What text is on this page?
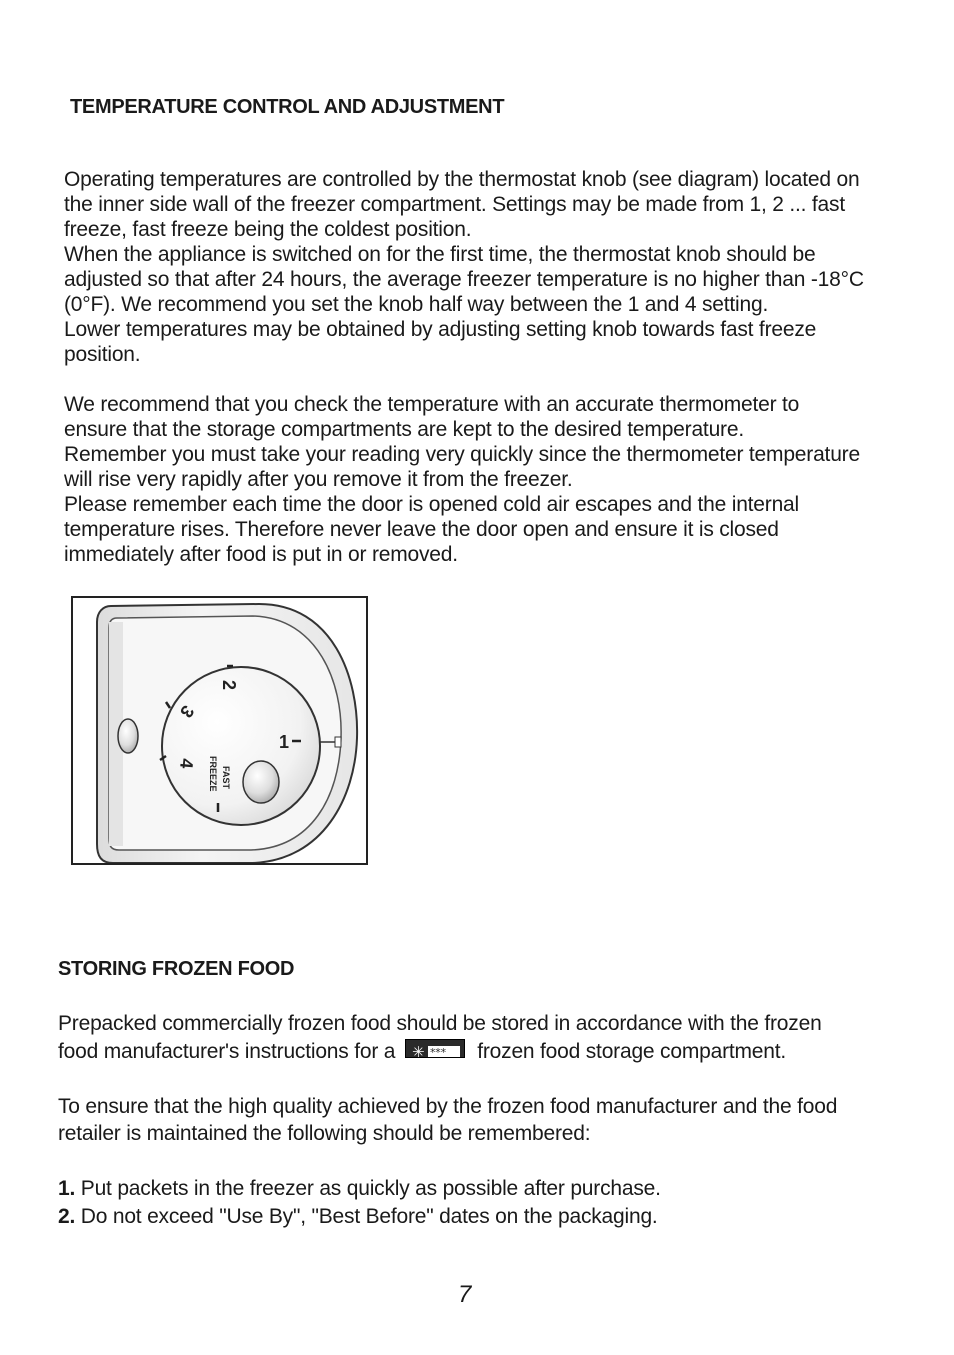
TEMPERATURE CONTROL AND ADJUSTMENT

Operating temperatures are controlled by the thermostat knob (see diagram) located on the inner side wall of the freezer compartment. Settings may be made from 1, 2 ... fast freeze, fast freeze being the coldest position.

When the appliance is switched on for the first time, the thermostat knob should be adjusted so that after 24 hours, the average freezer temperature is no higher than -18°C (0°F). We recommend you set the knob half way between the 1 and 4 setting.

Lower temperatures may be obtained by adjusting setting knob towards fast freeze position.

We recommend that you check the temperature with an accurate thermometer to ensure that the storage compartments are kept to the desired temperature.

Remember you must take your reading very quickly since the thermometer temperature will rise very rapidly after you remove it from the freezer.

Please remember each time the door is opened cold air escapes and the internal temperature rises. Therefore never leave the door open and ensure it is closed immediately after food is put in or removed.

2
3
4
1
FAST
FREEZE
STORING FROZEN FOOD

Prepacked commercially frozen food should be stored in accordance with the frozen food manufacturer's instructions for a ✳ *** frozen food storage compartment.

To ensure that the high quality achieved by the frozen food manufacturer and the food retailer is maintained the following should be remembered:

1. Put packets in the freezer as quickly as possible after purchase.

2. Do not exceed "Use By", "Best Before" dates on the packaging.

7
